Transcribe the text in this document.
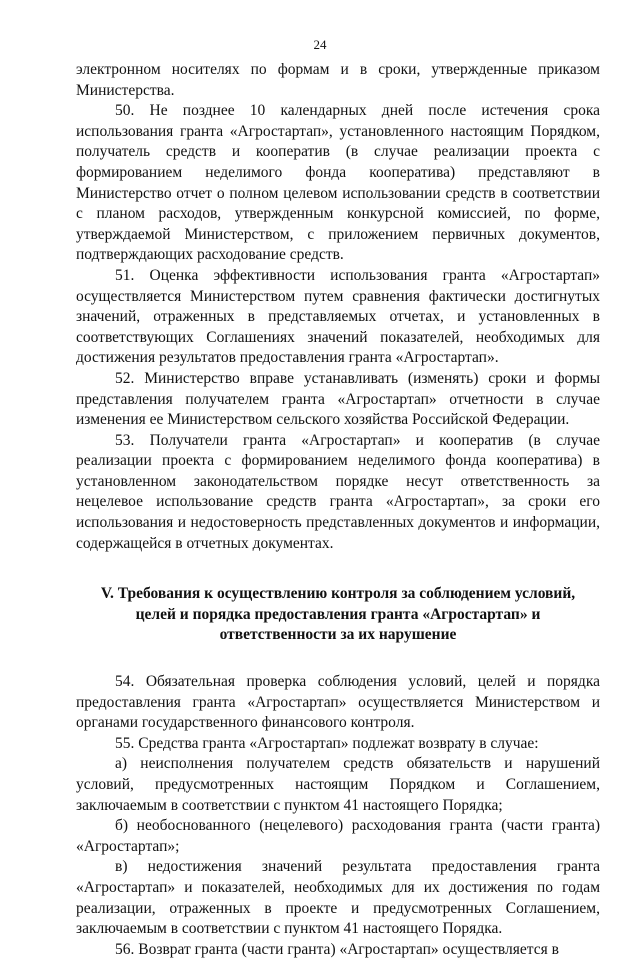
24

электронном носителях по формам и в сроки, утвержденные приказом Министерства.

50. Не позднее 10 календарных дней после истечения срока использования гранта «Агростартап», установленного настоящим Порядком, получатель средств и кооператив (в случае реализации проекта с формированием неделимого фонда кооператива) представляют в Министерство отчет о полном целевом использовании средств в соответствии с планом расходов, утвержденным конкурсной комиссией, по форме, утверждаемой Министерством, с приложением первичных документов, подтверждающих расходование средств.

51. Оценка эффективности использования гранта «Агростартап» осуществляется Министерством путем сравнения фактически достигнутых значений, отраженных в представляемых отчетах, и установленных в соответствующих Соглашениях значений показателей, необходимых для достижения результатов предоставления гранта «Агростартап».

52. Министерство вправе устанавливать (изменять) сроки и формы представления получателем гранта «Агростартап» отчетности в случае изменения ее Министерством сельского хозяйства Российской Федерации.

53. Получатели гранта «Агростартап» и кооператив (в случае реализации проекта с формированием неделимого фонда кооператива) в установленном законодательством порядке несут ответственность за нецелевое использование средств гранта «Агростартап», за сроки его использования и недостоверность представленных документов и информации, содержащейся в отчетных документах.

V. Требования к осуществлению контроля за соблюдением условий, целей и порядка предоставления гранта «Агростартап» и ответственности за их нарушение

54. Обязательная проверка соблюдения условий, целей и порядка предоставления гранта «Агростартап» осуществляется Министерством и органами государственного финансового контроля.

55. Средства гранта «Агростартап» подлежат возврату в случае:

а) неисполнения получателем средств обязательств и нарушений условий, предусмотренных настоящим Порядком и Соглашением, заключаемым в соответствии с пунктом 41 настоящего Порядка;

б) необоснованного (нецелевого) расходования гранта (части гранта) «Агростартап»;

в) недостижения значений результата предоставления гранта «Агростартап» и показателей, необходимых для их достижения по годам реализации, отраженных в проекте и предусмотренных Соглашением, заключаемым в соответствии с пунктом 41 настоящего Порядка.

56. Возврат гранта (части гранта) «Агростартап» осуществляется в
